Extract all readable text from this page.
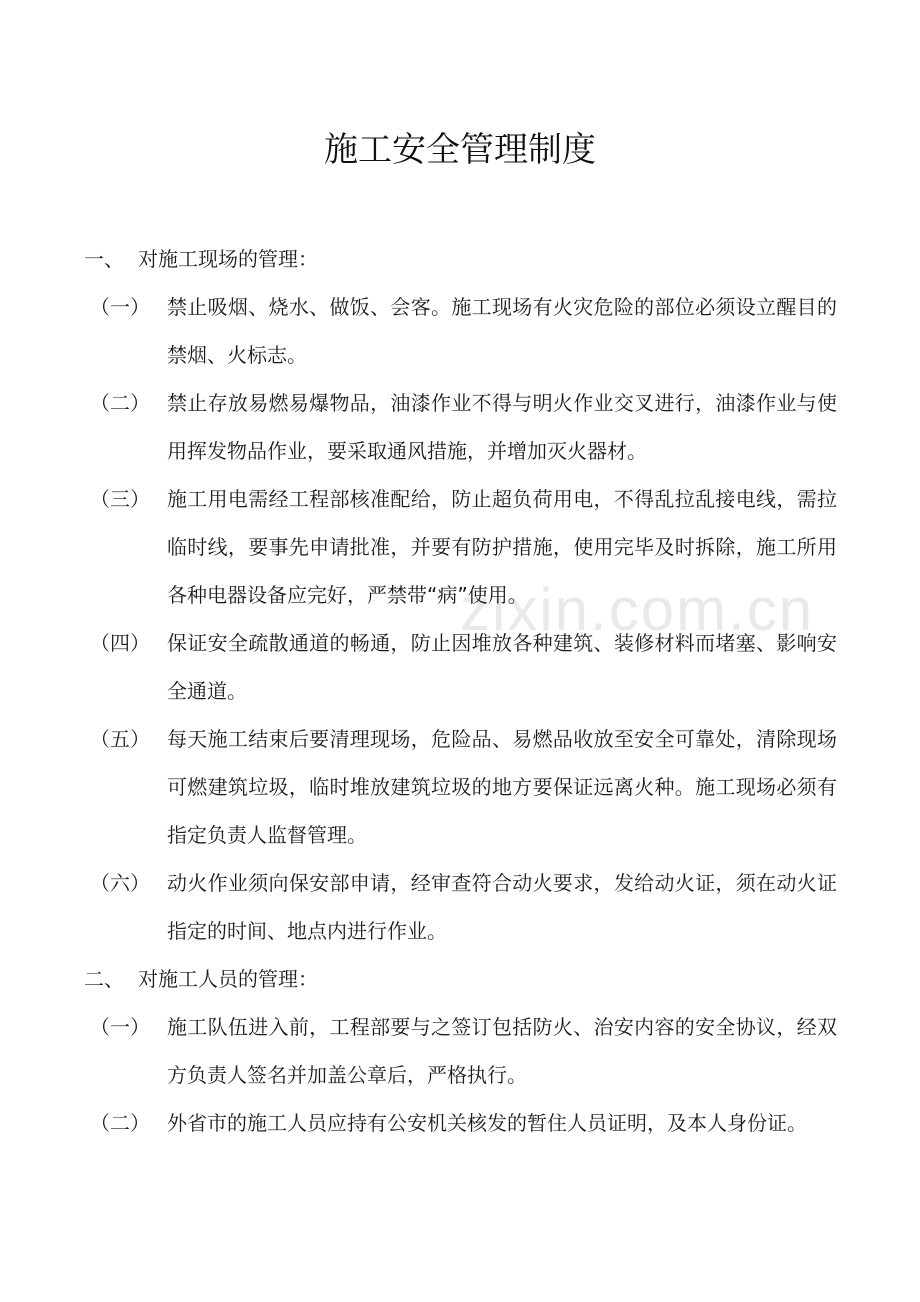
zixin.com.cn
施工安全管理制度
一、 对施工现场的管理：
（一） 禁止吸烟、烧水、做饭、会客。施工现场有火灾危险的部位必须设立醒目的禁烟、火标志。
（二） 禁止存放易燃易爆物品，油漆作业不得与明火作业交叉进行，油漆作业与使用挥发物品作业，要采取通风措施，并增加灭火器材。
（三） 施工用电需经工程部核准配给，防止超负荷用电，不得乱拉乱接电线，需拉临时线，要事先申请批准，并要有防护措施，使用完毕及时拆除，施工所用各种电器设备应完好，严禁带“病”使用。
（四） 保证安全疏散通道的畅通，防止因堆放各种建筑、装修材料而堵塞、影响安全通道。
（五） 每天施工结束后要清理现场，危险品、易燃品收放至安全可靠处，清除现场可燃建筑垃圾，临时堆放建筑垃圾的地方要保证远离火种。施工现场必须有指定负责人监督管理。
（六） 动火作业须向保安部申请，经审查符合动火要求，发给动火证，须在动火证指定的时间、地点内进行作业。
二、 对施工人员的管理：
（一） 施工队伍进入前，工程部要与之签订包括防火、治安内容的安全协议，经双方负责人签名并加盖公章后，严格执行。
（二） 外省市的施工人员应持有公安机关核发的暂住人员证明，及本人身份证。
